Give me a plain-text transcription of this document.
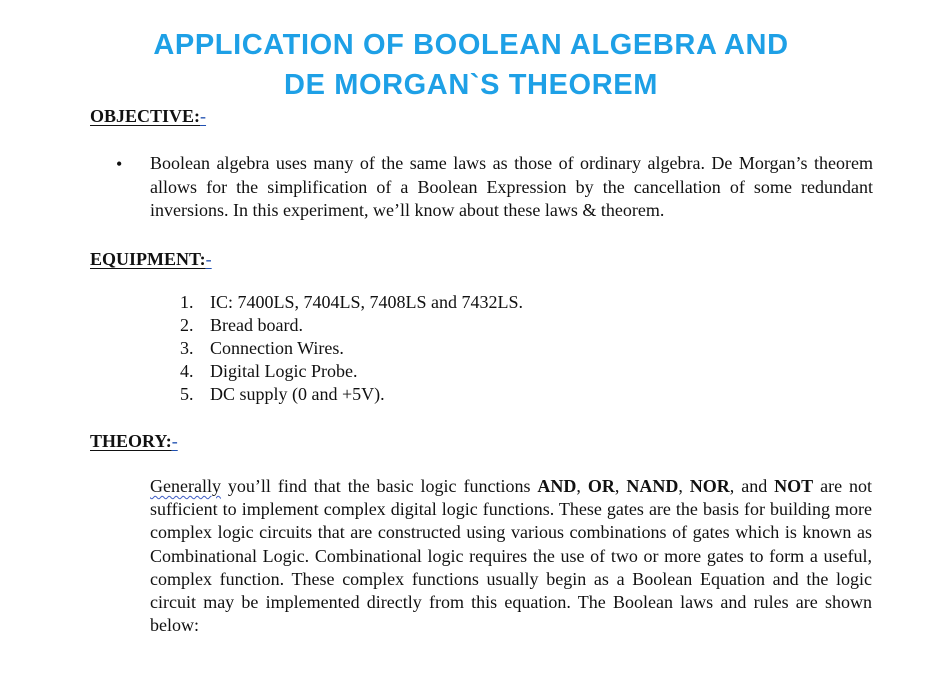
APPLICATION OF BOOLEAN ALGEBRA AND
DE MORGAN`S THEOREM
OBJECTIVE:-
• Boolean algebra uses many of the same laws as those of ordinary algebra. De Morgan’s theorem allows for the simplification of a Boolean Expression by the cancellation of some redundant inversions. In this experiment, we’ll know about these laws & theorem.

EQUIPMENT:-
1. IC: 7400LS, 7404LS, 7408LS and 7432LS.
2. Bread board.
3. Connection Wires.
4. Digital Logic Probe.
5. DC supply (0 and +5V).
THEORY:-

Generally you’ll find that the basic logic functions AND, OR, NAND, NOR, and NOT are not sufficient to implement complex digital logic functions. These gates are the basis for building more complex logic circuits that are constructed using various combinations of gates which is known as Combinational Logic. Combinational logic requires the use of two or more gates to form a useful, complex function. These complex functions usually begin as a Boolean Equation and the logic circuit may be implemented directly from this equation. The Boolean laws and rules are shown below:
